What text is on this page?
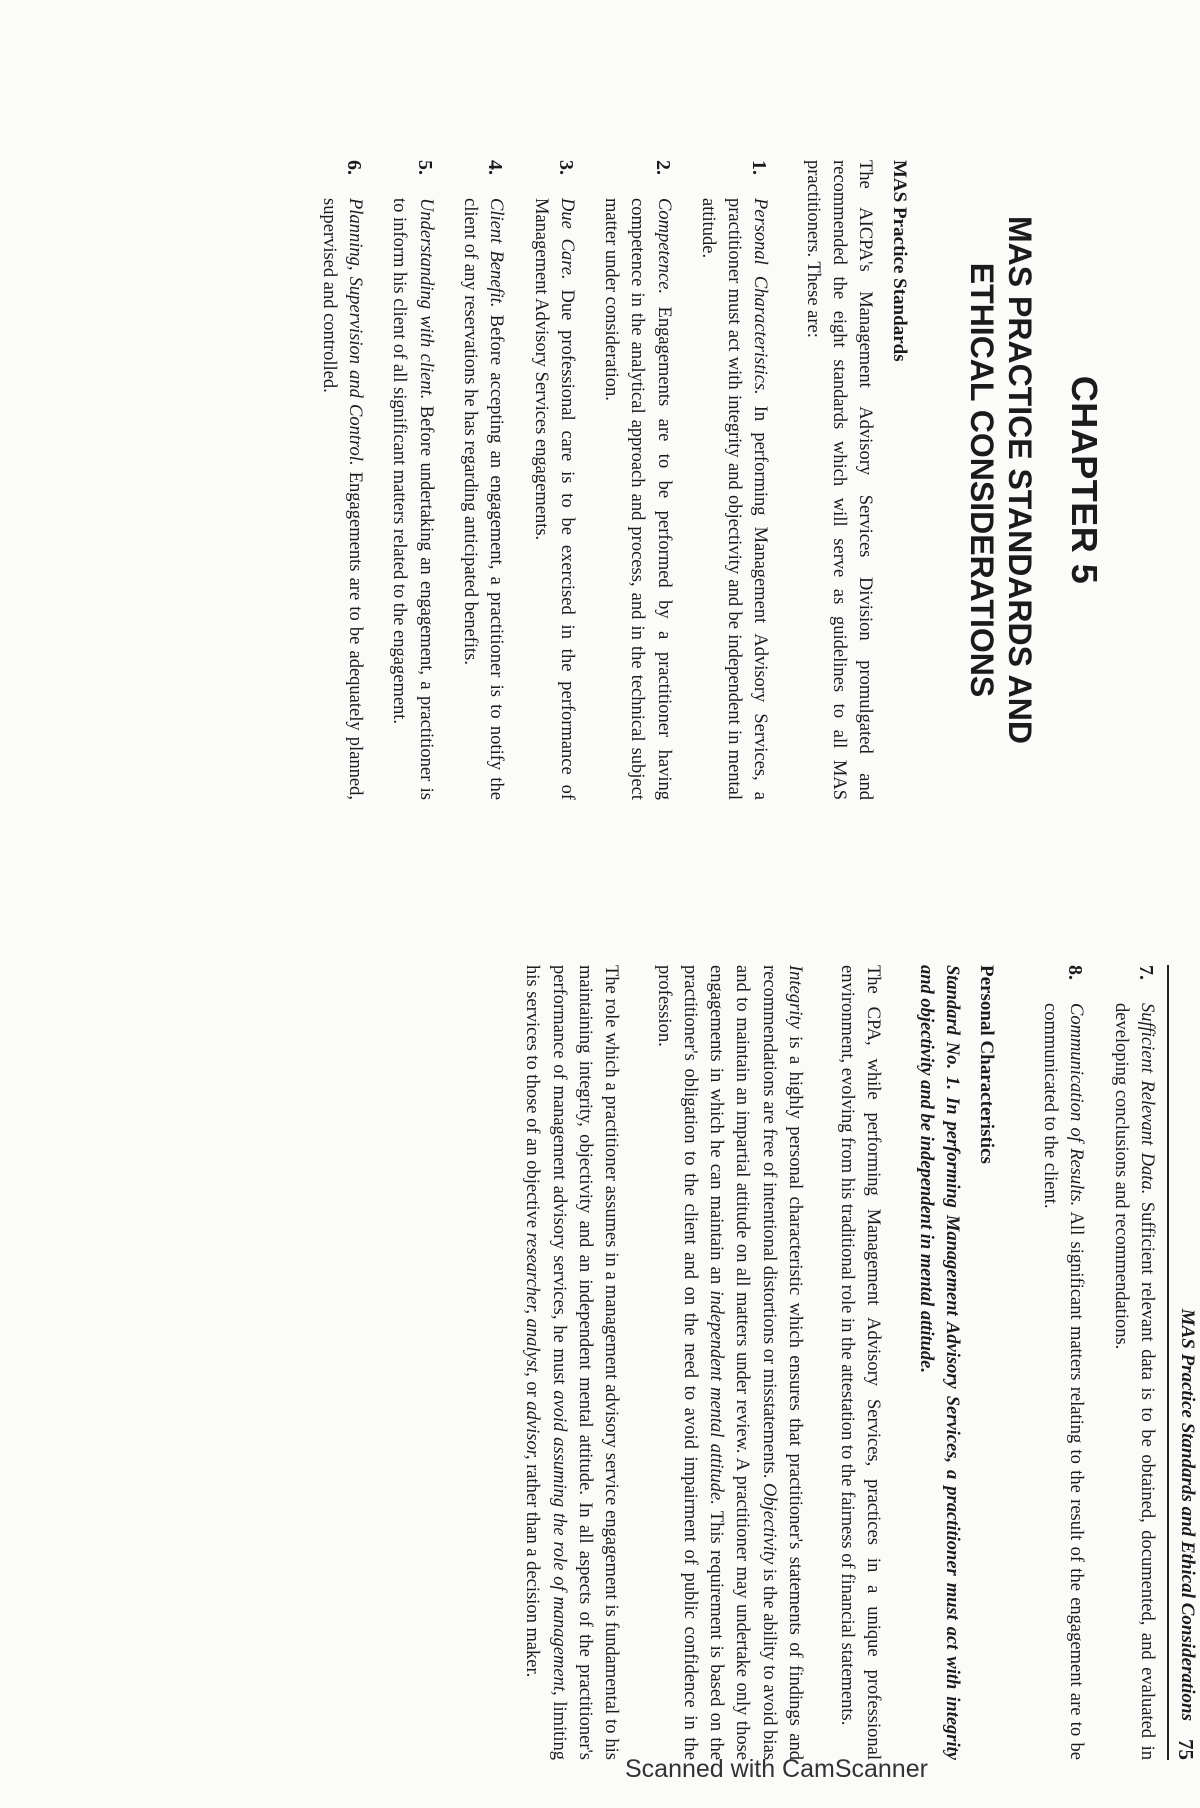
CHAPTER 5
MAS PRACTICE STANDARDS AND
ETHICAL CONSIDERATIONS
MAS Practice Standards

The AICPA's Management Advisory Services Division promulgated and recommended the eight standards which will serve as guidelines to all MAS practitioners. These are:

1.
Personal Characteristics. In performing Management Advisory Services, a practitioner must act with integrity and objectivity and be independent in mental attitude.
2.
Competence. Engagements are to be performed by a practitioner having competence in the analytical approach and process, and in the technical subject matter under consideration.
3.
Due Care. Due professional care is to be exercised in the performance of Management Advisory Services engagements.
4.
Client Benefit. Before accepting an engagement, a practitioner is to notify the client of any reservations he has regarding anticipated benefits.
5.
Understanding with client. Before undertaking an engagement, a practitioner is to inform his client of all significant matters related to the engagement.
6.
Planning, Supervision and Control. Engagements are to be adequately planned, supervised and controlled.
MAS Practice Standards and Ethical Considerations
75
7.
Sufficient Relevant Data. Sufficient relevant data is to be obtained, documented, and evaluated in developing conclusions and recommendations.
8.
Communication of Results. All significant matters relating to the result of the engagement are to be communicated to the client.
Personal Characteristics

Standard No. 1. In performing Management Advisory Services, a practitioner must act with integrity and objectivity and be independent in mental attitude.

The CPA, while performing Management Advisory Services, practices in a unique professional environment, evolving from his traditional role in the attestation to the fairness of financial statements.

Integrity is a highly personal characteristic which ensures that practitioner's statements of findings and recommendations are free of intentional distortions or misstatements. Objectivity is the ability to avoid bias and to maintain an impartial attitude on all matters under review. A practitioner may undertake only those engagements in which he can maintain an independent mental attitude. This requirement is based on the practitioner's obligation to the client and on the need to avoid impairment of public confidence in the profession.

The role which a practitioner assumes in a management advisory service engagement is fundamental to his maintaining integrity, objectivity and an independent mental attitude. In all aspects of the practitioner's performance of management advisory services, he must avoid assuming the role of management, limiting his services to those of an objective researcher, analyst, or advisor, rather than a decision maker.

Scanned with CamScanner
